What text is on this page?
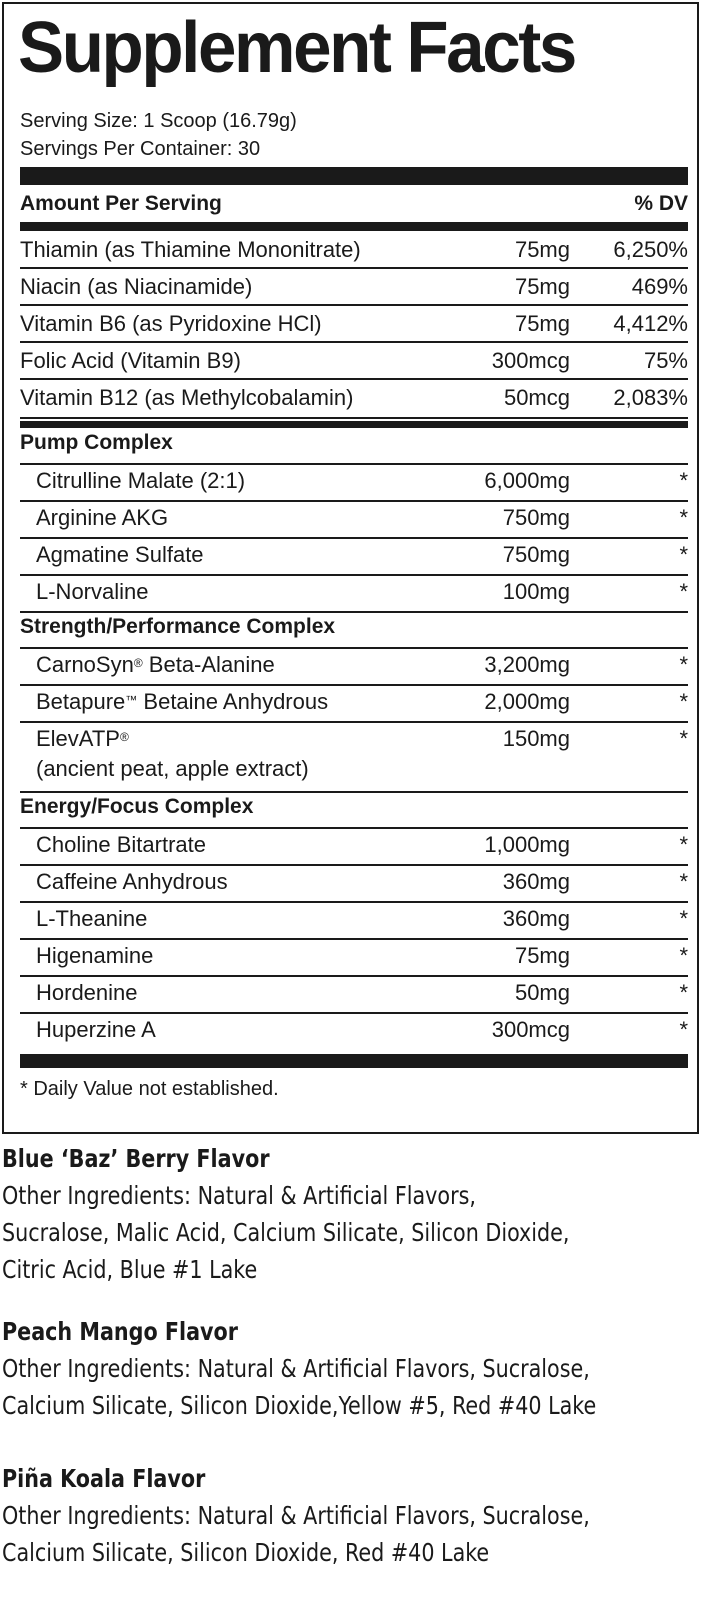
Supplement Facts
Serving Size: 1 Scoop (16.79g)
Servings Per Container: 30
Amount Per Serving	% DV
Thiamin (as Thiamine Mononitrate)	75mg 6,250%
Niacin (as Niacinamide)	75mg	469%
Vitamin B6 (as Pyridoxine HCl)	75mg 4,412%
Folic Acid (Vitamin B9)	300mcg	75%
Vitamin B12 (as Methylcobalamin)	50mcg 2,083%
Pump Complex
Citrulline Malate (2:1)	6,000mg	*
Arginine AKG	750mg	*
Agmatine Sulfate	750mg	*
L-Norvaline	100mg	*
Strength/Performance Complex
CarnoSyn® Beta-Alanine	3,200mg	*
Betapure™ Betaine Anhydrous	2,000mg	*
ElevATP®
(ancient peat, apple extract)
150mg	*
Energy/Focus Complex
Choline Bitartrate	1,000mg	*
Caffeine Anhydrous	360mg	*
L-Theanine	360mg	*
Higenamine	75mg	*
Hordenine	50mg	*
Huperzine A	300mcg	*
* Daily Value not established.
Blue ‘Baz’ Berry Flavor
Other Ingredients: Natural & Artificial Flavors,
Sucralose, Malic Acid, Calcium Silicate, Silicon Dioxide,
Citric Acid, Blue #1 Lake
Peach Mango Flavor
Other Ingredients: Natural & Artificial Flavors, Sucralose,
Calcium Silicate, Silicon Dioxide,Yellow #5, Red #40 Lake
Piña Koala Flavor
Other Ingredients: Natural & Artificial Flavors, Sucralose,
Calcium Silicate, Silicon Dioxide, Red #40 Lake
